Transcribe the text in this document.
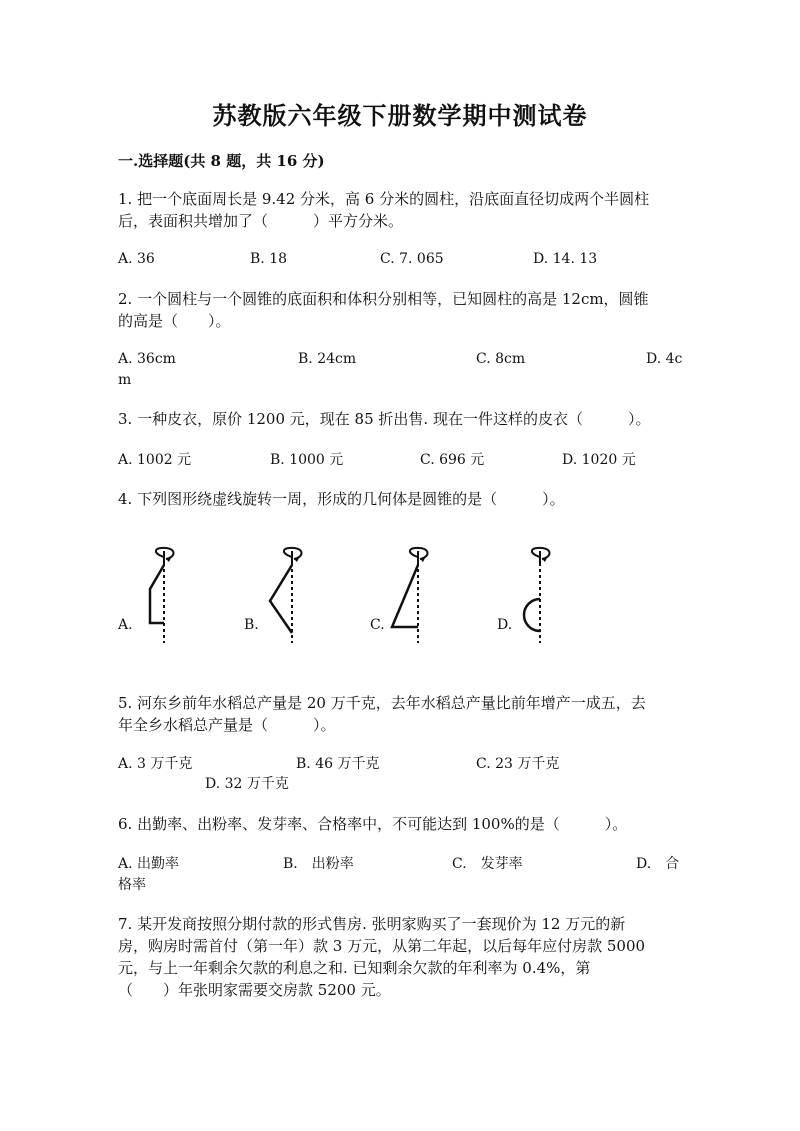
苏教版六年级下册数学期中测试卷
一.选择题(共 8 题，共 16 分)
1. 把一个底面周长是 9.42 分米，高 6 分米的圆柱，沿底面直径切成两个半圆柱
后，表面积共增加了（　　　）平方分米。
A. 36	B. 18	C. 7. 065	D. 14. 13
2. 一个圆柱与一个圆锥的底面积和体积分别相等，已知圆柱的高是 12cm，圆锥
的高是（　　）。
A. 36cm	B. 24cm	C. 8cm	D. 4c
m
3. 一种皮衣，原价 1200 元，现在 85 折出售. 现在一件这样的皮衣（　　　）。
A. 1002 元	B. 1000 元	C. 696 元	D. 1020 元
4. 下列图形绕虚线旋转一周，形成的几何体是圆锥的是（　　　）。
A.	B.	C.	D.
5. 河东乡前年水稻总产量是 20 万千克，去年水稻总产量比前年增产一成五，去
年全乡水稻总产量是（　　　）。
A. 3 万千克	B. 46 万千克	C. 23 万千克
D. 32 万千克
6. 出勤率、出粉率、发芽率、合格率中，不可能达到 100%的是（　　　）。
A. 出勤率	B.　出粉率	C.　发芽率	D.　合
格率
7. 某开发商按照分期付款的形式售房. 张明家购买了一套现价为 12 万元的新
房，购房时需首付（第一年）款 3 万元，从第二年起，以后每年应付房款 5000
元，与上一年剩余欠款的利息之和. 已知剩余欠款的年利率为 0.4%，第
（　　）年张明家需要交房款 5200 元。
